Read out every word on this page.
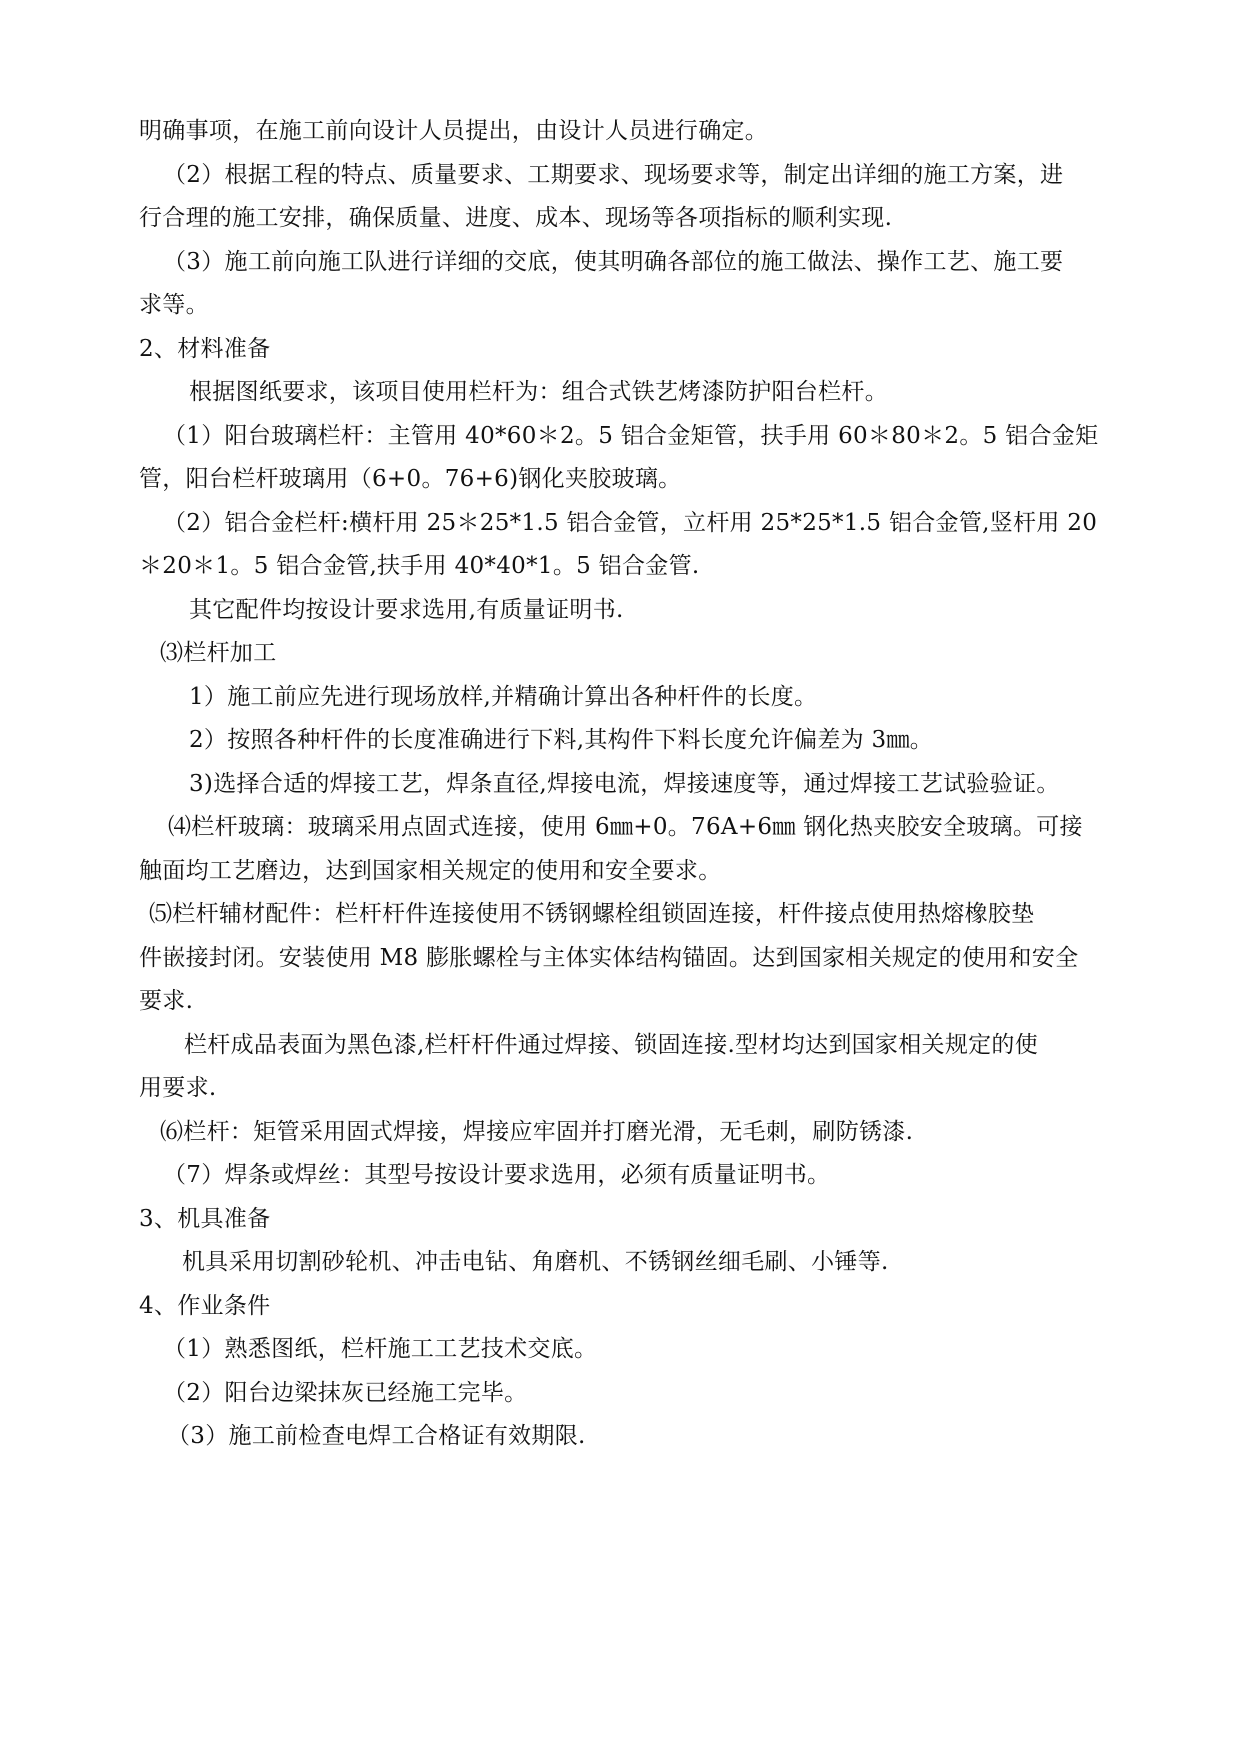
明确事项，在施工前向设计人员提出，由设计人员进行确定。
（2）根据工程的特点、质量要求、工期要求、现场要求等，制定出详细的施工方案，进
行合理的施工安排，确保质量、进度、成本、现场等各项指标的顺利实现.
（3）施工前向施工队进行详细的交底，使其明确各部位的施工做法、操作工艺、施工要
求等。
2、材料准备
根据图纸要求，该项目使用栏杆为：组合式铁艺烤漆防护阳台栏杆。
（1）阳台玻璃栏杆：主管用 40*60＊2。5 铝合金矩管，扶手用 60＊80＊2。5 铝合金矩
管，阳台栏杆玻璃用（6+0。76+6)钢化夹胶玻璃。
（2）铝合金栏杆:横杆用 25＊25*1.5 铝合金管，立杆用 25*25*1.5 铝合金管,竖杆用 20
＊20＊1。5 铝合金管,扶手用 40*40*1。5 铝合金管.
其它配件均按设计要求选用,有质量证明书.
⑶栏杆加工
1）施工前应先进行现场放样,并精确计算出各种杆件的长度。
2）按照各种杆件的长度准确进行下料,其构件下料长度允许偏差为 3㎜。
3)选择合适的焊接工艺，焊条直径,焊接电流，焊接速度等，通过焊接工艺试验验证。
⑷栏杆玻璃：玻璃采用点固式连接，使用 6㎜+0。76A+6㎜ 钢化热夹胶安全玻璃。可接
触面均工艺磨边，达到国家相关规定的使用和安全要求。
⑸栏杆辅材配件：栏杆杆件连接使用不锈钢螺栓组锁固连接，杆件接点使用热熔橡胶垫
件嵌接封闭。安装使用 M8 膨胀螺栓与主体实体结构锚固。达到国家相关规定的使用和安全
要求.
栏杆成品表面为黑色漆,栏杆杆件通过焊接、锁固连接.型材均达到国家相关规定的使
用要求.
⑹栏杆：矩管采用固式焊接，焊接应牢固并打磨光滑，无毛刺，刷防锈漆.
（7）焊条或焊丝：其型号按设计要求选用，必须有质量证明书。
3、机具准备
机具采用切割砂轮机、冲击电钻、角磨机、不锈钢丝细毛刷、小锤等.
4、作业条件
（1）熟悉图纸，栏杆施工工艺技术交底。
（2）阳台边梁抹灰已经施工完毕。
（3）施工前检查电焊工合格证有效期限.
